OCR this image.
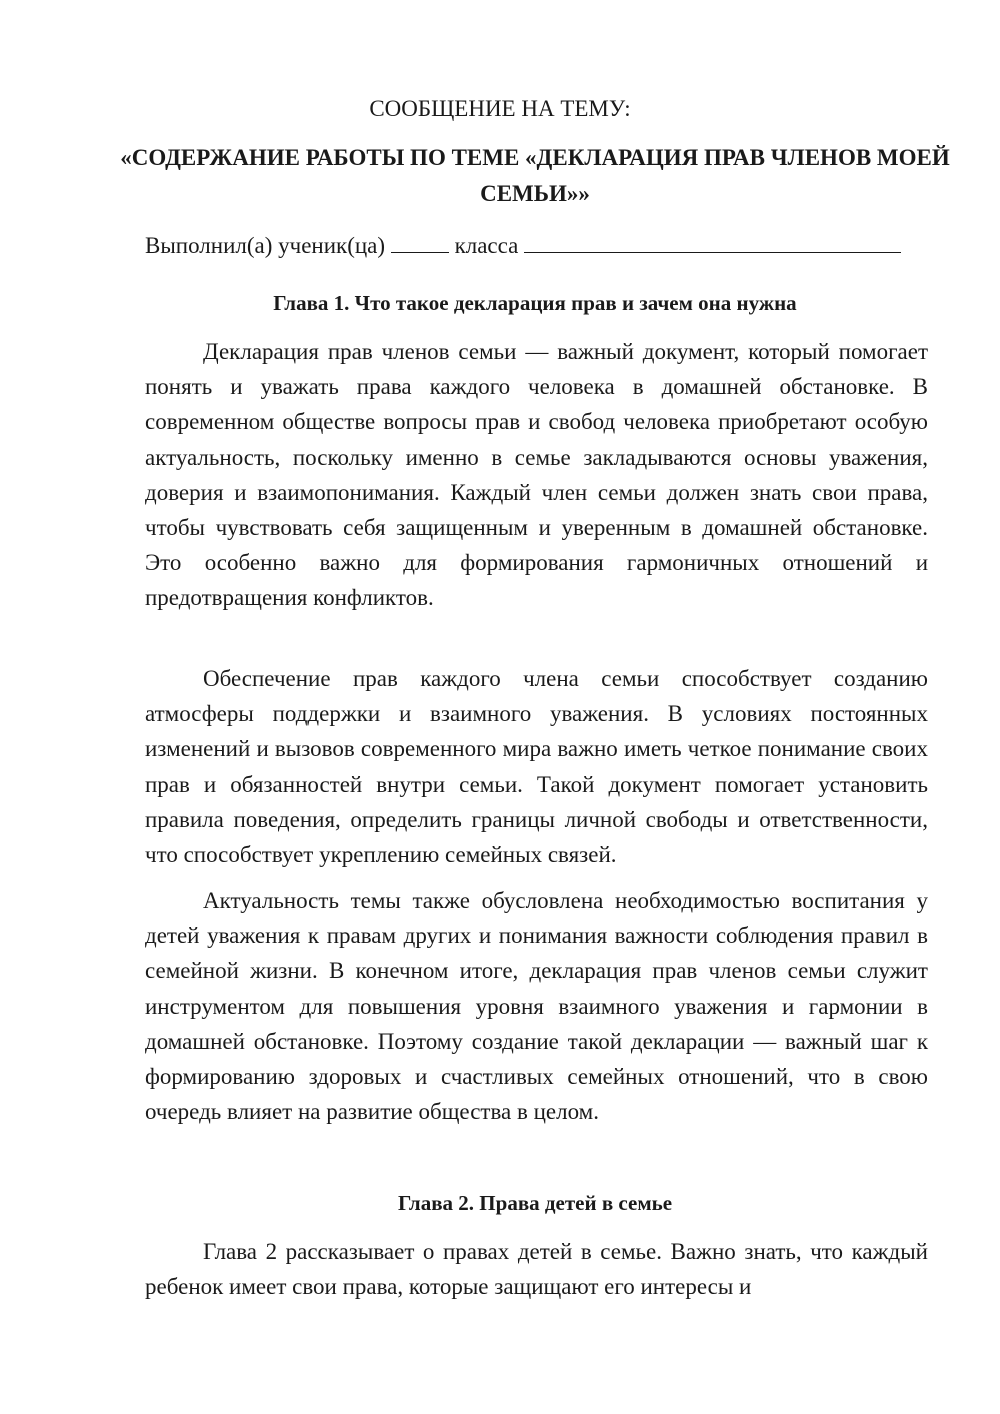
СООБЩЕНИЕ НА ТЕМУ:
«СОДЕРЖАНИЕ РАБОТЫ ПО ТЕМЕ «ДЕКЛАРАЦИЯ ПРАВ ЧЛЕНОВ МОЕЙ СЕМЬИ»»
Выполнил(а) ученик(ца)	класса
Глава 1. Что такое декларация прав и зачем она нужна

Декларация прав членов семьи — важный документ, который помогает понять и уважать права каждого человека в домашней обстановке. В современном обществе вопросы прав и свобод человека приобретают особую актуальность, поскольку именно в семье закладываются основы уважения, доверия и взаимопонимания. Каждый член семьи должен знать свои права, чтобы чувствовать себя защищенным и уверенным в домашней обстановке. Это особенно важно для формирования гармоничных отношений и предотвращения конфликтов.

Обеспечение прав каждого члена семьи способствует созданию атмосферы поддержки и взаимного уважения. В условиях постоянных изменений и вызовов современного мира важно иметь четкое понимание своих прав и обязанностей внутри семьи. Такой документ помогает установить правила поведения, определить границы личной свободы и ответственности, что способствует укреплению семейных связей.

Актуальность темы также обусловлена необходимостью воспитания у детей уважения к правам других и понимания важности соблюдения правил в семейной жизни. В конечном итоге, декларация прав членов семьи служит инструментом для повышения уровня взаимного уважения и гармонии в домашней обстановке. Поэтому создание такой декларации — важный шаг к формированию здоровых и счастливых семейных отношений, что в свою очередь влияет на развитие общества в целом.

Глава 2. Права детей в семье

Глава 2 рассказывает о правах детей в семье. Важно знать, что каждый ребенок имеет свои права, которые защищают его интересы и
